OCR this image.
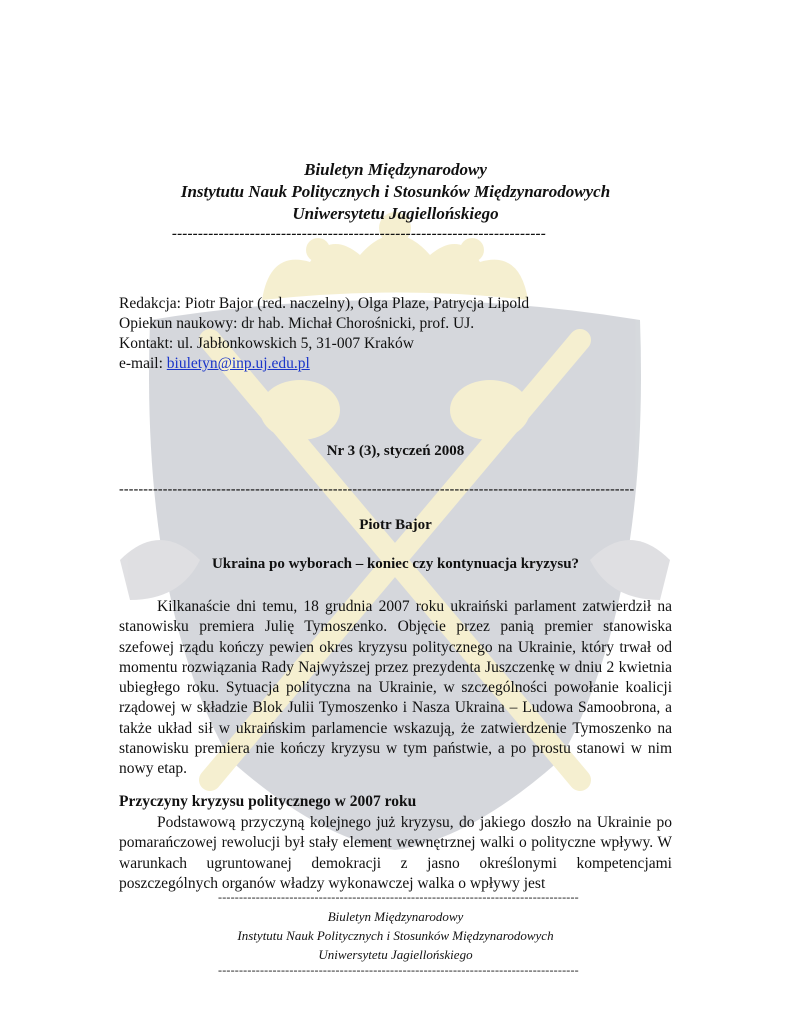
Biuletyn Międzynarodowy
Instytutu Nauk Politycznych i Stosunków Międzynarodowych
Uniwersytetu Jagiellońskiego
------------------------------------------------------------------------
Redakcja: Piotr Bajor (red. naczelny), Olga Plaze, Patrycja Lipold
Opiekun naukowy: dr hab. Michał Chorośnicki, prof. UJ.
Kontakt: ul. Jabłonkowskich 5, 31-007 Kraków
e-mail: biuletyn@inp.uj.edu.pl
Nr 3 (3), styczeń 2008
----------------------------------------------------------------------------------------------------------
Piotr Bajor
Ukraina po wyborach – koniec czy kontynuacja kryzysu?

Kilkanaście dni temu, 18 grudnia 2007 roku ukraiński parlament zatwierdził na stanowisku premiera Julię Tymoszenko. Objęcie przez panią premier stanowiska szefowej rządu kończy pewien okres kryzysu politycznego na Ukrainie, który trwał od momentu rozwiązania Rady Najwyższej przez prezydenta Juszczenkę w dniu 2 kwietnia ubiegłego roku. Sytuacja polityczna na Ukrainie, w szczególności powołanie koalicji rządowej w składzie Blok Julii Tymoszenko i Nasza Ukraina – Ludowa Samoobrona, a także układ sił w ukraińskim parlamencie wskazują, że zatwierdzenie Tymoszenko na stanowisku premiera nie kończy kryzysu w tym państwie, a po prostu stanowi w nim nowy etap.

Przyczyny kryzysu politycznego w 2007 roku

Podstawową przyczyną kolejnego już kryzysu, do jakiego doszło na Ukrainie po pomarańczowej rewolucji był stały element wewnętrznej walki o polityczne wpływy. W warunkach ugruntowanej demokracji z jasno określonymi kompetencjami poszczególnych organów władzy wykonawczej walka o wpływy jest

--------------------------------------------------------------------------------------
Biuletyn Międzynarodowy
Instytutu Nauk Politycznych i Stosunków Międzynarodowych
Uniwersytetu Jagiellońskiego
--------------------------------------------------------------------------------------
